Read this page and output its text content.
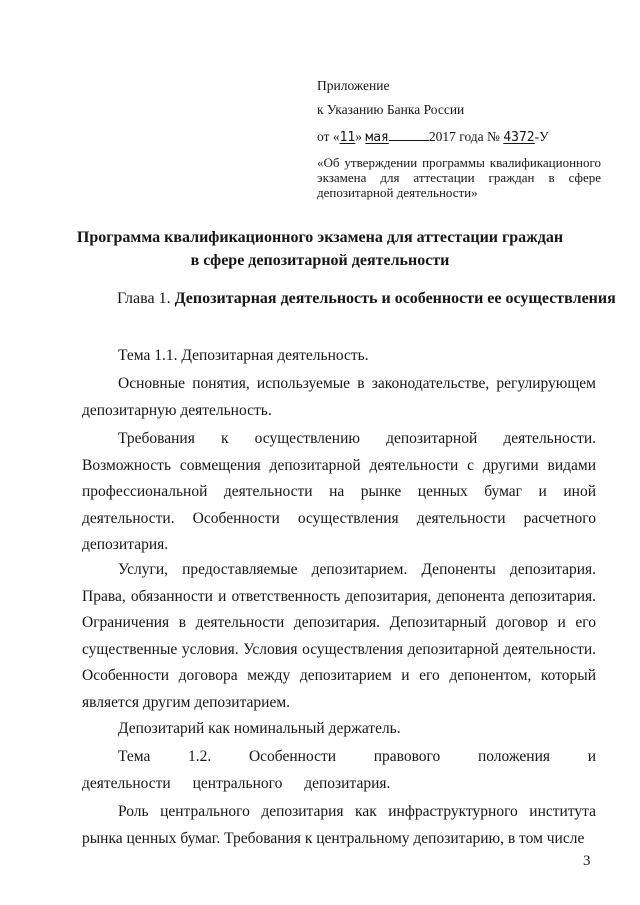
Приложение
к Указанию Банка России
от «11» мая	2017 года № 4372-У
«Об утверждении программы квалификационного экзамена для аттестации граждан в сфере депозитарной деятельности»
Программа квалификационного экзамена для аттестации граждан
в сфере депозитарной деятельности
Глава 1. Депозитарная деятельность и особенности ее осуществления
Тема 1.1. Депозитарная деятельность.
Основные понятия, используемые в законодательстве, регулирующем депозитарную деятельность.
Требования к осуществлению депозитарной деятельности. Возможность совмещения депозитарной деятельности с другими видами профессиональной деятельности на рынке ценных бумаг и иной деятельности. Особенности осуществления деятельности расчетного депозитария.
Услуги, предоставляемые депозитарием. Депоненты депозитария. Права, обязанности и ответственность депозитария, депонента депозитария. Ограничения в деятельности депозитария. Депозитарный договор и его существенные условия. Условия осуществления депозитарной деятельности. Особенности договора между депозитарием и его депонентом, который является другим депозитарием.
Депозитарий как номинальный держатель.
Тема 1.2. Особенности правового положения и деятельности центрального депозитария.
Роль центрального депозитария как инфраструктурного института рынка ценных бумаг. Требования к центральному депозитарию, в том числе
3
